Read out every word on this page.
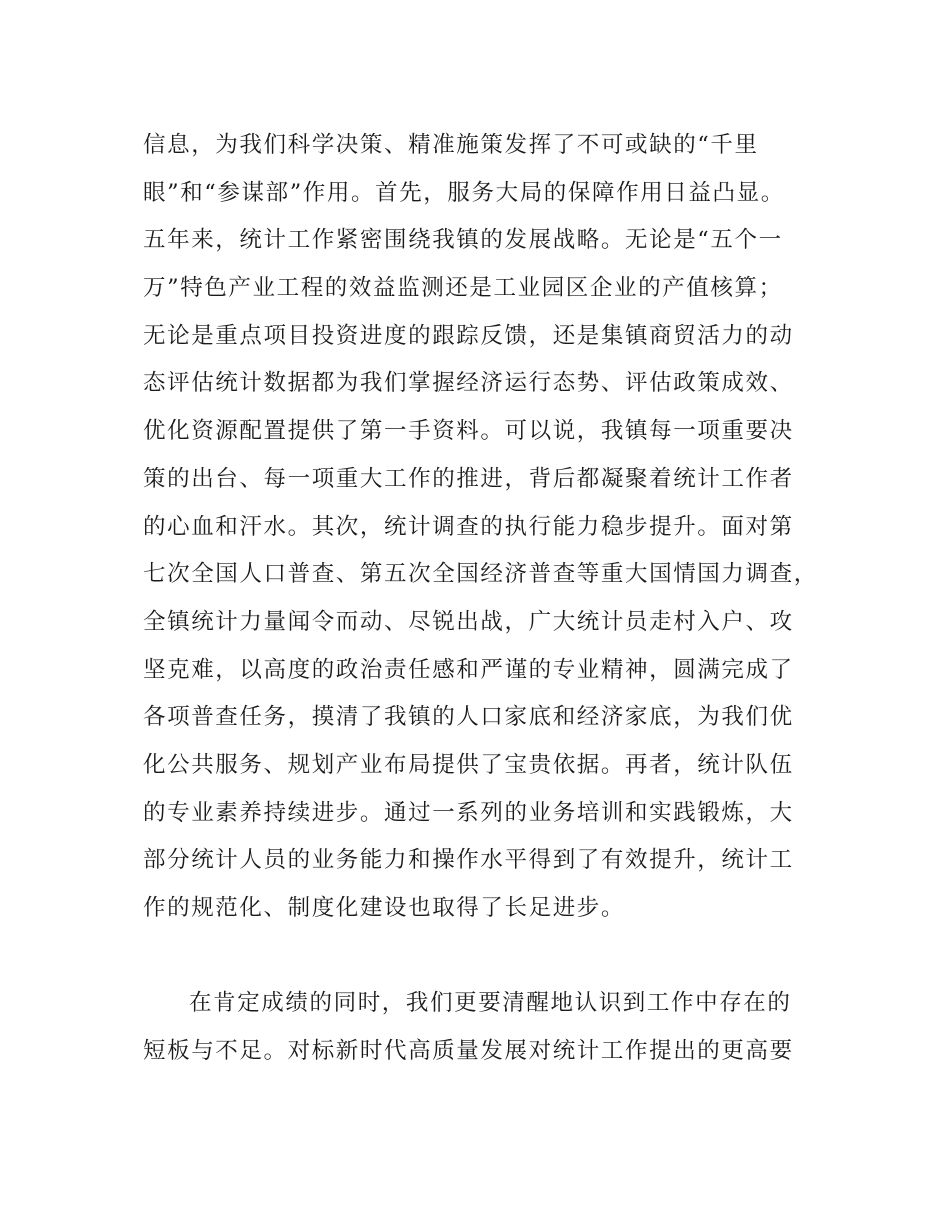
信息，为我们科学决策、精准施策发挥了不可或缺的“千里
眼”和“参谋部”作用。首先，服务大局的保障作用日益凸显。
五年来，统计工作紧密围绕我镇的发展战略。无论是“五个一
万”特色产业工程的效益监测还是工业园区企业的产值核算；
无论是重点项目投资进度的跟踪反馈，还是集镇商贸活力的动
态评估统计数据都为我们掌握经济运行态势、评估政策成效、
优化资源配置提供了第一手资料。可以说，我镇每一项重要决
策的出台、每一项重大工作的推进，背后都凝聚着统计工作者
的心血和汗水。其次，统计调查的执行能力稳步提升。面对第
七次全国人口普查、第五次全国经济普查等重大国情国力调查，
全镇统计力量闻令而动、尽锐出战，广大统计员走村入户、攻
坚克难，以高度的政治责任感和严谨的专业精神，圆满完成了
各项普查任务，摸清了我镇的人口家底和经济家底，为我们优
化公共服务、规划产业布局提供了宝贵依据。再者，统计队伍
的专业素养持续进步。通过一系列的业务培训和实践锻炼，大
部分统计人员的业务能力和操作水平得到了有效提升，统计工
作的规范化、制度化建设也取得了长足进步。
在肯定成绩的同时，我们更要清醒地认识到工作中存在的
短板与不足。对标新时代高质量发展对统计工作提出的更高要
